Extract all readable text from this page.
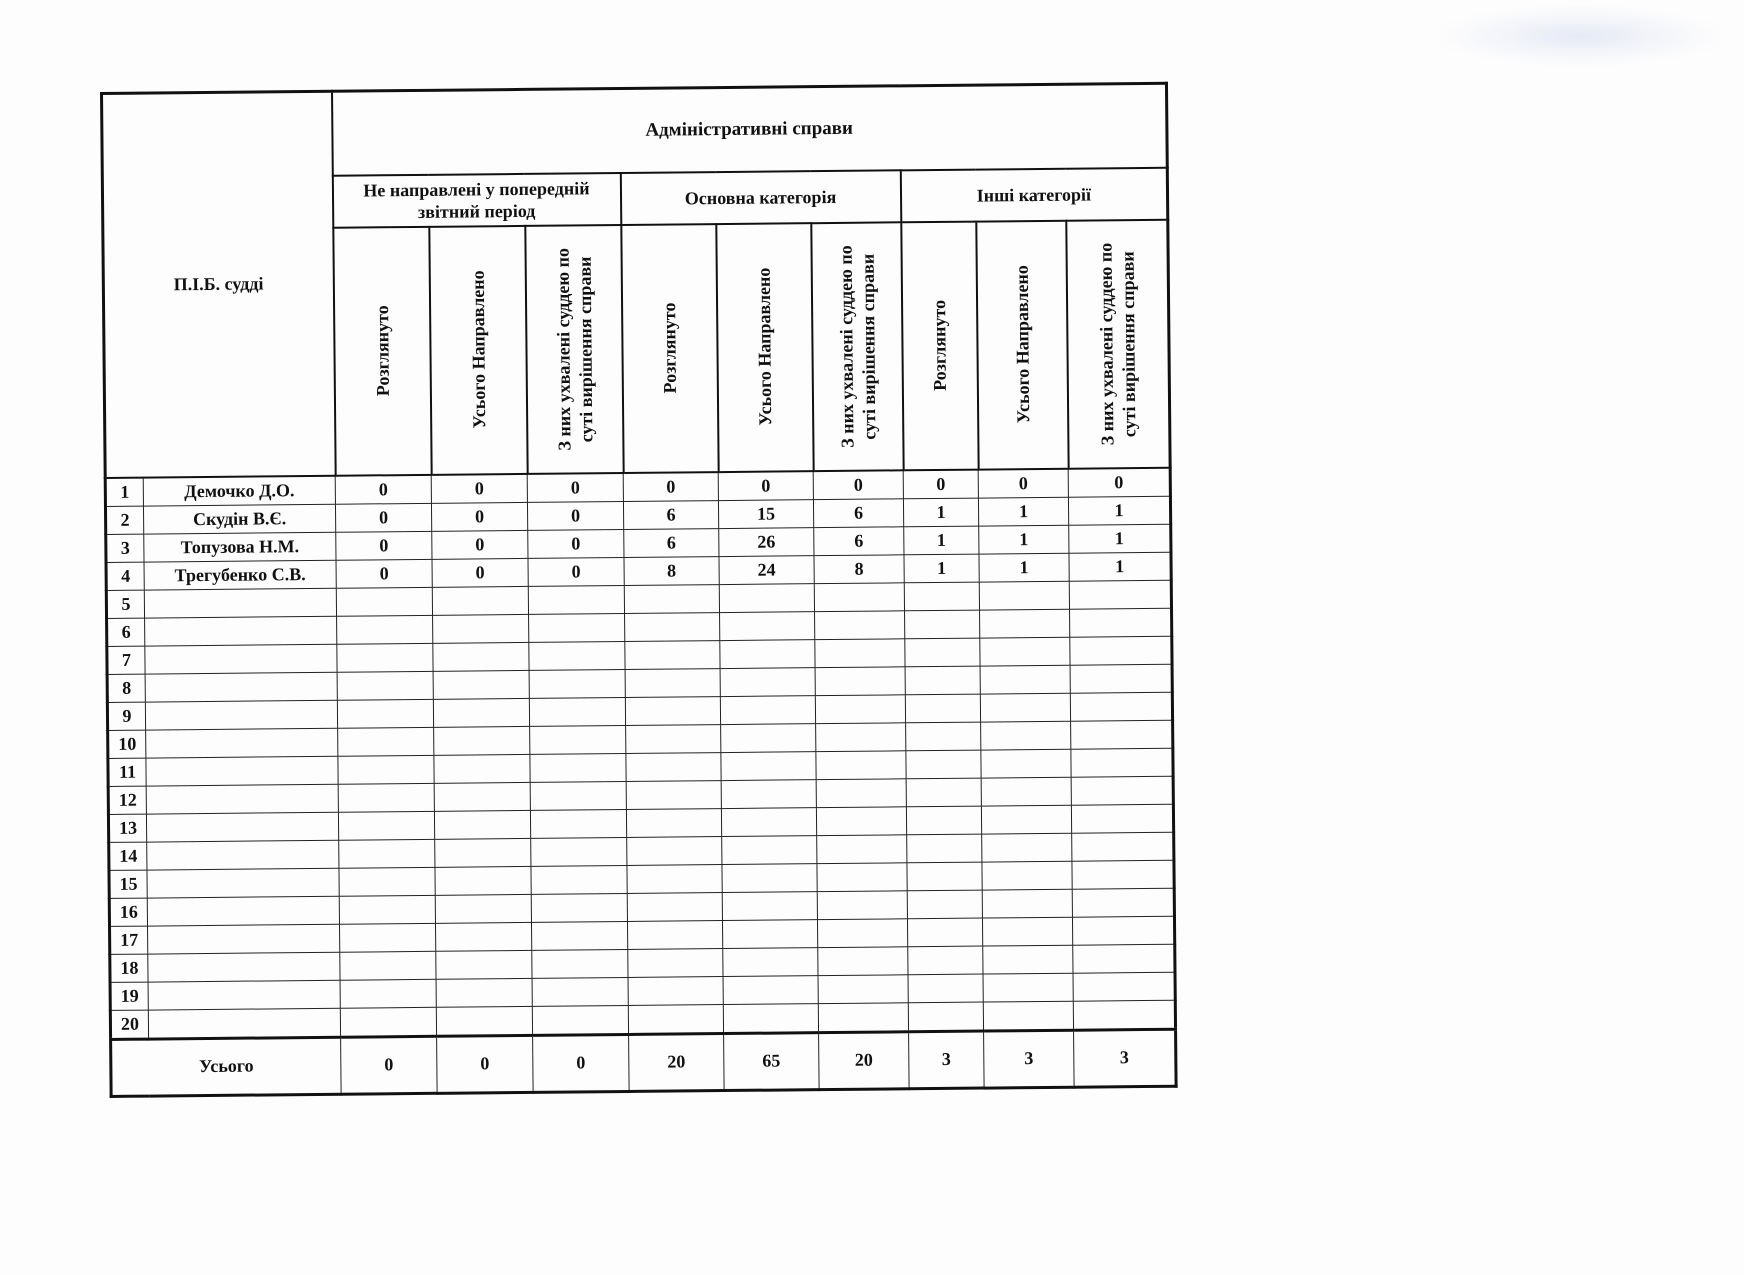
П.І.Б. судді		Адміністративні справи								
		Не направлені у попередній звітний період			Основна категорія			Інші категорії		

		Розглянуто	Усього Направлено	З них ухвалені суддею по суті вирішення справи	Розглянуто	Усього Направлено	З них ухвалені суддею по суті вирішення справи	Розглянуто	Усього Направлено	З них ухвалені суддею по суті вирішення справи

1	Демочко Д.О.	0	0	0	0	0	0	0	0	0
2	Скудін В.Є.	0	0	0	6	15	6	1	1	1
3	Топузова Н.М.	0	0	0	6	26	6	1	1	1
4	Трегубенко С.В.	0	0	0	8	24	8	1	1	1
5										
6										
7										
8										
9										
10										
11										
12										
13										
14										
15										
16										
17										
18										
19										
20										
Усього		0	0	0	20	65	20	3	3	3
